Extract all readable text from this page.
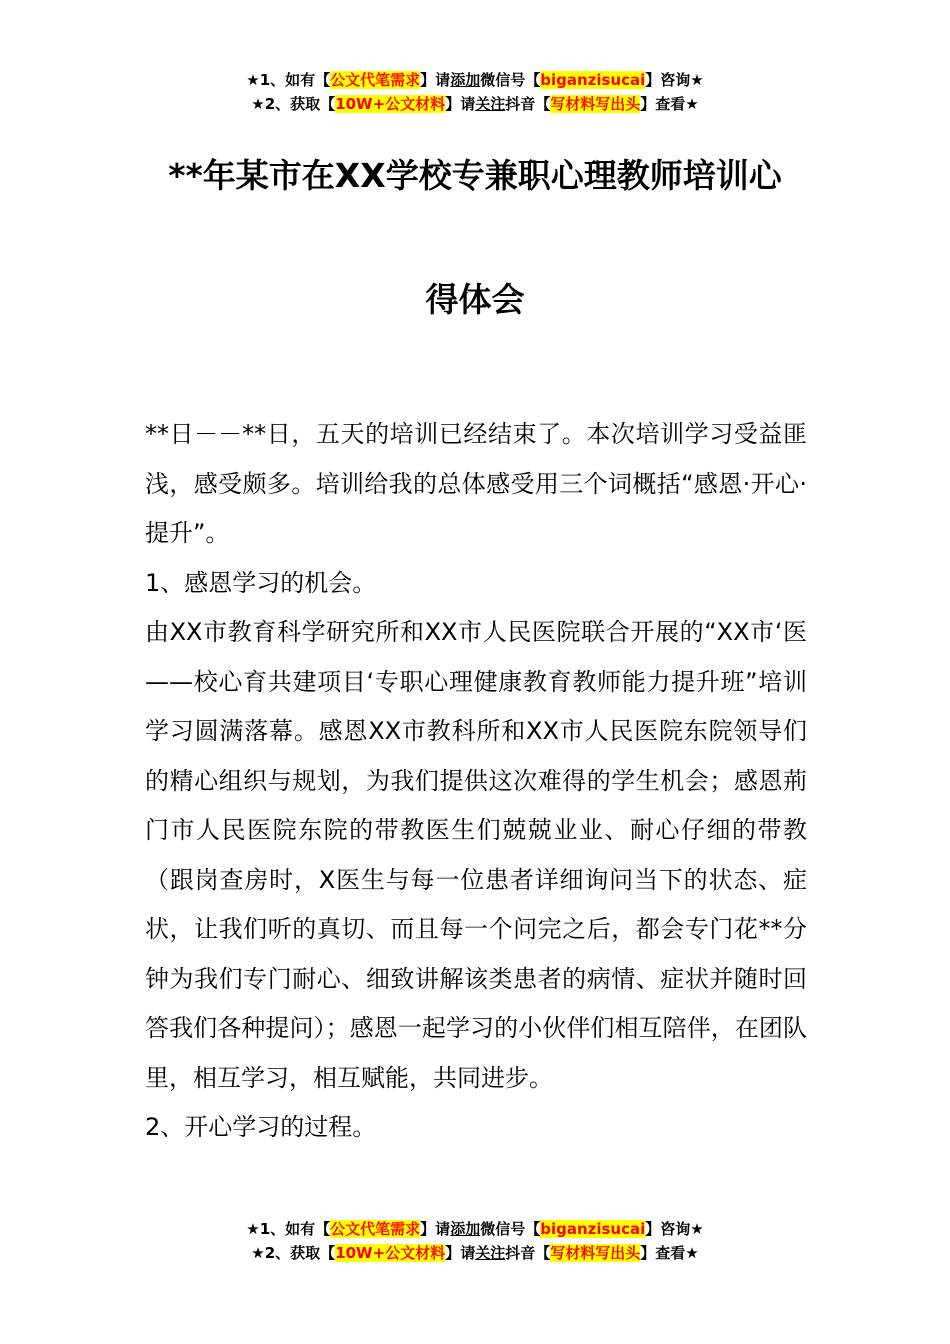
★1、如有【公文代笔需求】请添加微信号【biganzisucai】咨询★
★2、获取【10W+公文材料】请关注抖音【写材料写出头】查看★
**年某市在XX学校专兼职心理教师培训心
得体会

**日－－**日，五天的培训已经结束了。本次培训学习受益匪浅，感受颇多。培训给我的总体感受用三个词概括“感恩·开心·提升”。

1、感恩学习的机会。

由XX市教育科学研究所和XX市人民医院联合开展的“XX市‘医——校心育共建项目‘专职心理健康教育教师能力提升班”培训学习圆满落幕。感恩XX市教科所和XX市人民医院东院领导们的精心组织与规划，为我们提供这次难得的学生机会；感恩荊门市人民医院东院的带教医生们兢兢业业、耐心仔细的带教（跟岗查房时，X医生与每一位患者详细询问当下的状态、症状，让我们听的真切、而且每一个问完之后，都会专门花**分钟为我们专门耐心、细致讲解该类患者的病情、症状并随时回答我们各种提问）；感恩一起学习的小伙伴们相互陪伴，在团队里，相互学习，相互赋能，共同进步。

2、开心学习的过程。

★1、如有【公文代笔需求】请添加微信号【biganzisucai】咨询★
★2、获取【10W+公文材料】请关注抖音【写材料写出头】查看★
